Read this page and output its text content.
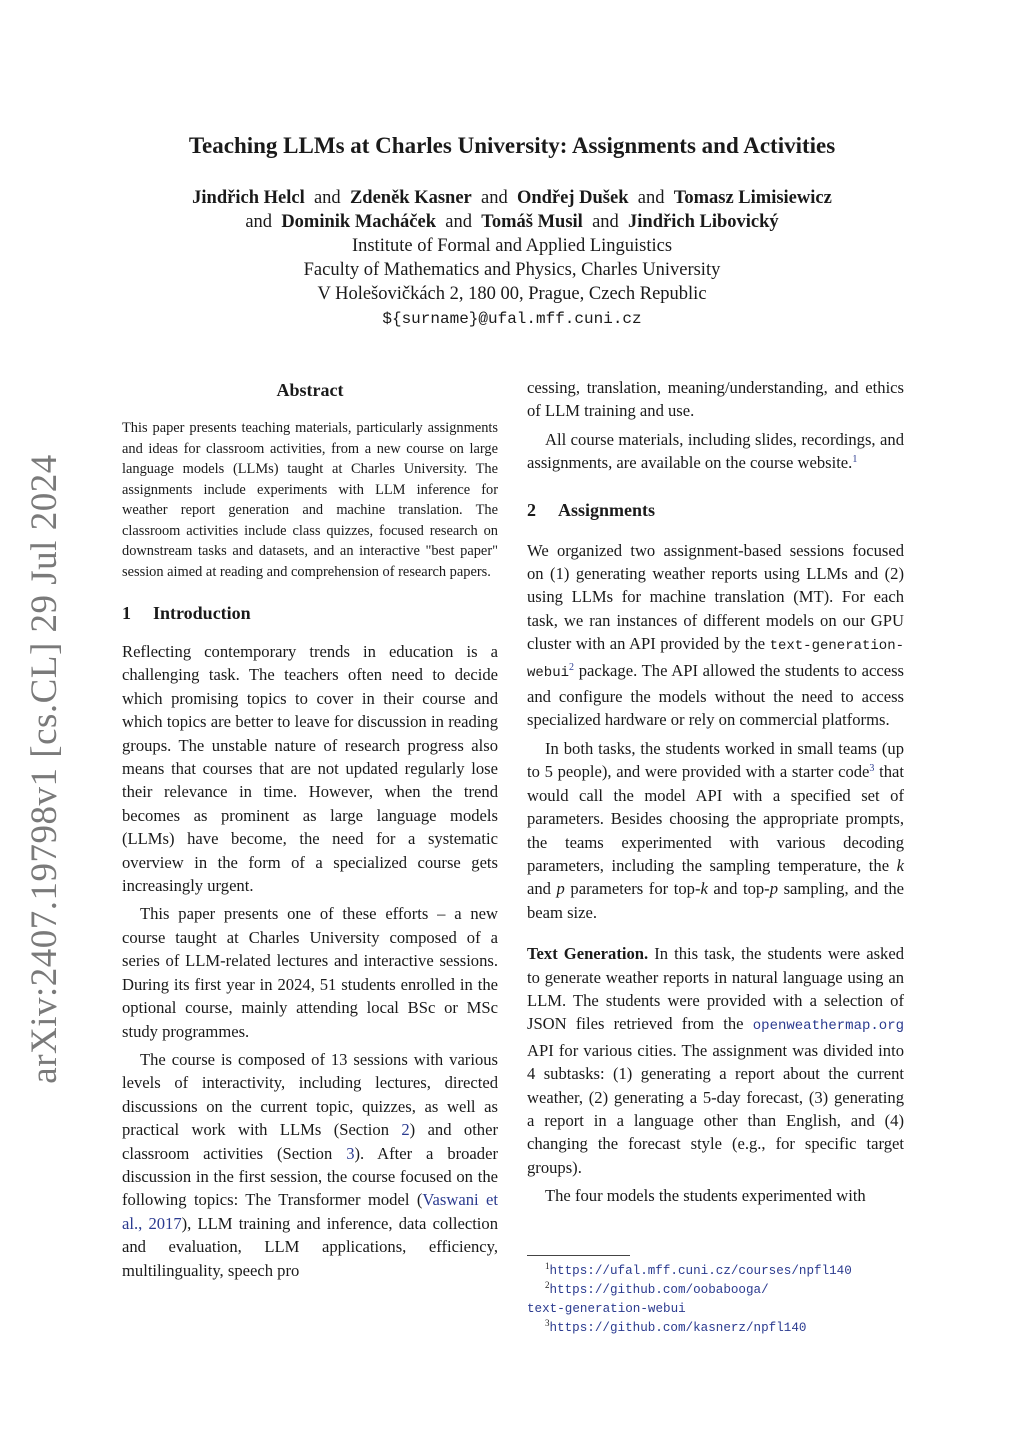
arXiv:2407.19798v1 [cs.CL] 29 Jul 2024
Teaching LLMs at Charles University: Assignments and Activities
Jindřich Helcl and Zdeněk Kasner and Ondřej Dušek and Tomasz Limisiewicz
and Dominik Macháček and Tomáš Musil and Jindřich Libovický
Institute of Formal and Applied Linguistics
Faculty of Mathematics and Physics, Charles University
V Holešovičkách 2, 180 00, Prague, Czech Republic
${surname}@ufal.mff.cuni.cz
Abstract

This paper presents teaching materials, particularly assignments and ideas for classroom activities, from a new course on large language models (LLMs) taught at Charles University. The assignments include experiments with LLM inference for weather report generation and machine translation. The classroom activities include class quizzes, focused research on downstream tasks and datasets, and an interactive "best paper" session aimed at reading and comprehension of research papers.

1 Introduction

Reflecting contemporary trends in education is a challenging task. The teachers often need to decide which promising topics to cover in their course and which topics are better to leave for discussion in reading groups. The unstable nature of research progress also means that courses that are not updated regularly lose their relevance in time. However, when the trend becomes as prominent as large language models (LLMs) have become, the need for a systematic overview in the form of a specialized course gets increasingly urgent.

This paper presents one of these efforts – a new course taught at Charles University composed of a series of LLM-related lectures and interactive sessions. During its first year in 2024, 51 students enrolled in the optional course, mainly attending local BSc or MSc study programmes.

The course is composed of 13 sessions with various levels of interactivity, including lectures, directed discussions on the current topic, quizzes, as well as practical work with LLMs (Section 2) and other classroom activities (Section 3). After a broader discussion in the first session, the course focused on the following topics: The Transformer model (Vaswani et al., 2017), LLM training and inference, data collection and evaluation, LLM applications, efficiency, multilinguality, speech pro

cessing, translation, meaning/understanding, and ethics of LLM training and use.

All course materials, including slides, recordings, and assignments, are available on the course website.$^1$

2 Assignments

We organized two assignment-based sessions focused on (1) generating weather reports using LLMs and (2) using LLMs for machine translation (MT). For each task, we ran instances of different models on our GPU cluster with an API provided by the text-generation-webui$^2$ package. The API allowed the students to access and configure the models without the need to access specialized hardware or rely on commercial platforms.

In both tasks, the students worked in small teams (up to 5 people), and were provided with a starter code$^3$ that would call the model API with a specified set of parameters. Besides choosing the appropriate prompts, the teams experimented with various decoding parameters, including the sampling temperature, the k and p parameters for top-k and top-p sampling, and the beam size.

Text Generation. In this task, the students were asked to generate weather reports in natural language using an LLM. The students were provided with a selection of JSON files retrieved from the openweathermap.org API for various cities. The assignment was divided into 4 subtasks: (1) generating a report about the current weather, (2) generating a 5-day forecast, (3) generating a report in a language other than English, and (4) changing the forecast style (e.g., for specific target groups).

The four models the students experimented with

$^1$https://ufal.mff.cuni.cz/courses/npfl140

$^2$https://github.com/oobabooga/

text-generation-webui

$^3$https://github.com/kasnerz/npfl140
